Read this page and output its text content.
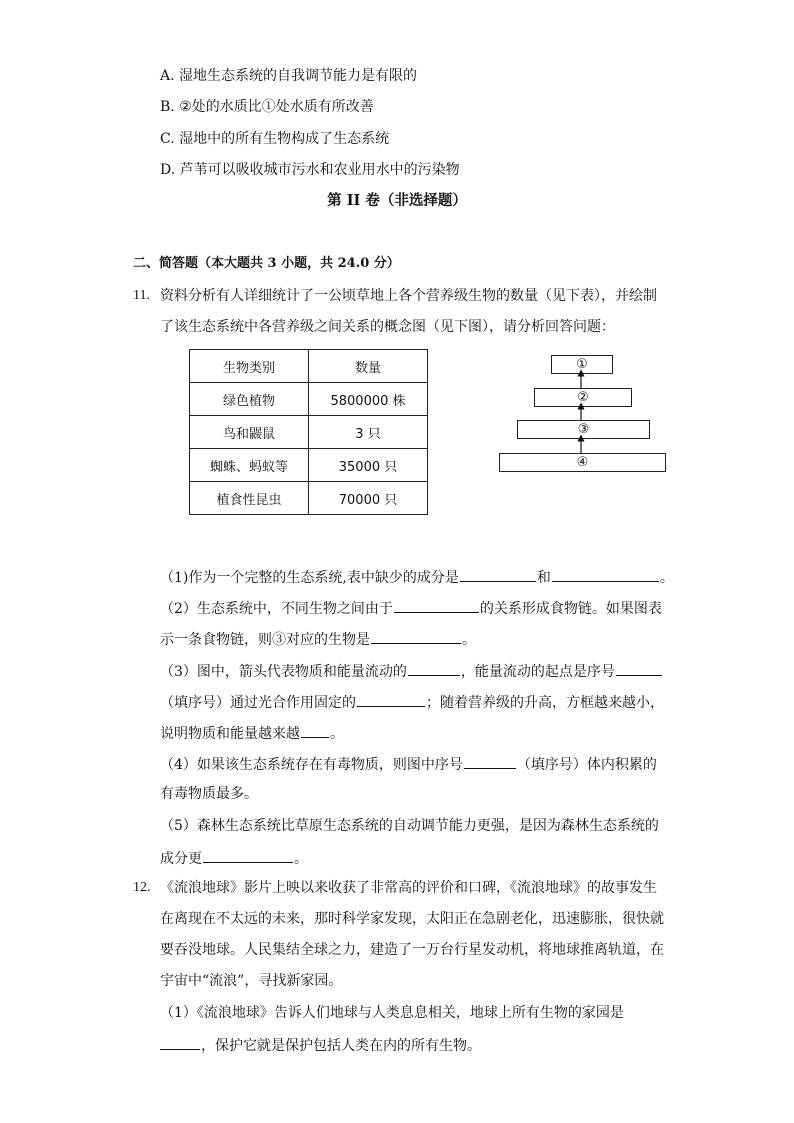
A. 湿地生态系统的自我调节能力是有限的
B. ②处的水质比①处水质有所改善
C. 湿地中的所有生物构成了生态系统
D. 芦苇可以吸收城市污水和农业用水中的污染物
第 II 卷（非选择题）
二、简答题（本大题共 3 小题，共 24.0 分）
11. 资料分析有人详细统计了一公顷草地上各个营养级生物的数量（见下表），并绘制
了该生态系统中各营养级之间关系的概念图（见下图），请分析回答问题：
生物类别	数量
绿色植物	5800000 株
鸟和鼹鼠	3 只
蜘蛛、蚂蚁等	35000 只
植食性昆虫	70000 只
①
②
③
④
（1)作为一个完整的生态系统,表中缺少的成分是	和	。
（2）生态系统中，不同生物之间由于	的关系形成食物链。如果图表
示一条食物链，则③对应的生物是	。
（3）图中，箭头代表物质和能量流动的	，能量流动的起点是序号
（填序号）通过光合作用固定的	；随着营养级的升高，方框越来越小，
说明物质和能量越来越 。
（4）如果该生态系统存在有毒物质，则图中序号	（填序号）体内积累的
有毒物质最多。
（5）森林生态系统比草原生态系统的自动调节能力更强，是因为森林生态系统的
成分更	。
12. 《流浪地球》影片上映以来收获了非常高的评价和口碑，《流浪地球》的故事发生
在离现在不太远的未来，那时科学家发现，太阳正在急剧老化，迅速膨胀，很快就
要吞没地球。人民集结全球之力，建造了一万台行星发动机，将地球推离轨道，在
宇宙中“流浪”，寻找新家园。
（1）《流浪地球》告诉人们地球与人类息息相关，地球上所有生物的家园是
，保护它就是保护包括人类在内的所有生物。
